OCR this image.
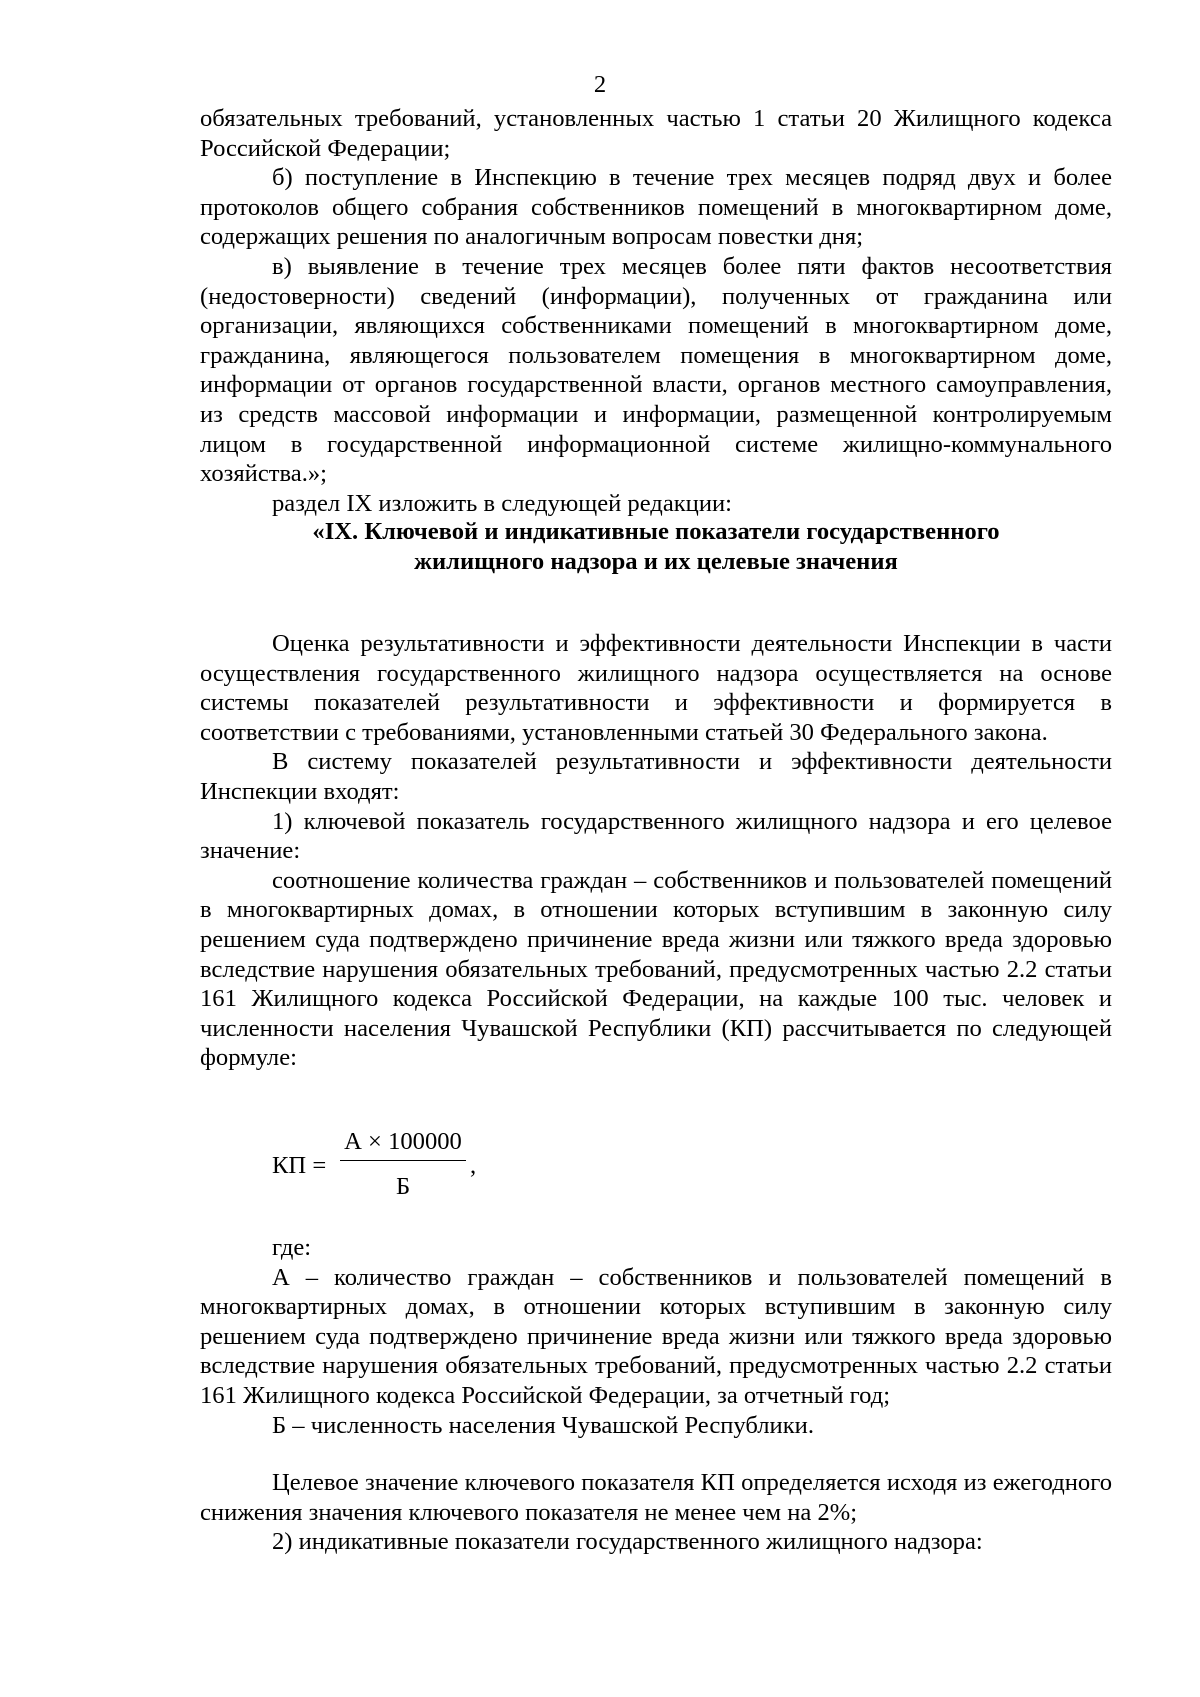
2

обязательных требований, установленных частью 1 статьи 20 Жилищного кодекса Российской Федерации;

б) поступление в Инспекцию в течение трех месяцев подряд двух и более протоколов общего собрания собственников помещений в многоквартирном доме, содержащих решения по аналогичным вопросам повестки дня;

в) выявление в течение трех месяцев более пяти фактов несоответствия (недостоверности) сведений (информации), полученных от гражданина или организации, являющихся собственниками помещений в многоквартирном доме, гражданина, являющегося пользователем помещения в многоквартирном доме, информации от органов государственной власти, органов местного самоуправления, из средств массовой информации и информации, размещенной контролируемым лицом в государственной информационной системе жилищно-коммунального хозяйства.»;

раздел IX изложить в следующей редакции:

«IX. Ключевой и индикативные показатели государственного
жилищного надзора и их целевые значения

Оценка результативности и эффективности деятельности Инспекции в части осуществления государственного жилищного надзора осуществляется на основе системы показателей результативности и эффективности и формируется в соответствии с требованиями, установленными статьей 30 Федерального закона.

В систему показателей результативности и эффективности деятельности Инспекции входят:

1) ключевой показатель государственного жилищного надзора и его целевое значение:

соотношение количества граждан – собственников и пользователей помещений в многоквартирных домах, в отношении которых вступившим в законную силу решением суда подтверждено причинение вреда жизни или тяжкого вреда здоровью вследствие нарушения обязательных требований, предусмотренных частью 2.2 статьи 161 Жилищного кодекса Российской Федерации, на каждые 100 тыс. человек и численности населения Чувашской Республики (КП) рассчитывается по следующей формуле:

КП =
А × 100000
Б
,

где:

А – количество граждан – собственников и пользователей помещений в многоквартирных домах, в отношении которых вступившим в законную силу решением суда подтверждено причинение вреда жизни или тяжкого вреда здоровью вследствие нарушения обязательных требований, предусмотренных частью 2.2 статьи 161 Жилищного кодекса Российской Федерации, за отчетный год;

Б – численность населения Чувашской Республики.

Целевое значение ключевого показателя КП определяется исходя из ежегодного снижения значения ключевого показателя не менее чем на 2%;

2) индикативные показатели государственного жилищного надзора:
